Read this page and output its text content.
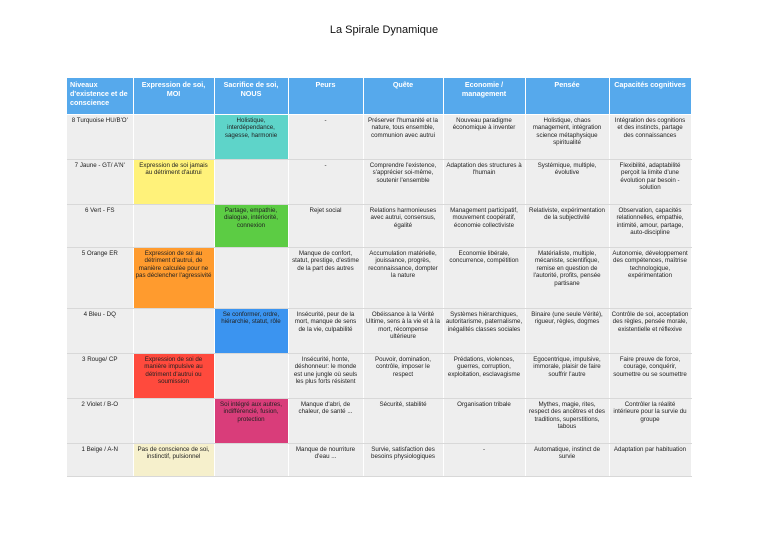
La Spirale Dynamique
Niveaux d'existence et de conscience	Expression de soi, MOI	Sacrifice de soi, NOUS	Peurs	Quête	Economie / management	Pensée	Capacités cognitives
8 Turquoise HU/B'O'		Holistique, interdépendance, sagesse, harmonie	-	Préserver l'humanité et la nature, tous ensemble, communion avec autrui	Nouveau paradigme économique à inventer	Holistique, chaos management, intégration science métaphysique spiritualité	Intégration des cognitions et des instincts, partage des connaissances
7 Jaune - GT/ A'N'	Expression de soi jamais au détriment d'autrui		-	Comprendre l'existence, s'apprécier soi-même, soutenir l'ensemble	Adaptation des structures à l'humain	Systémique, multiple, évolutive	Flexibilité, adaptabilité perçoit la limite d'une évolution par besoin - solution
6 Vert - FS		Partage, empathie, dialogue, intériorité, connexion	Rejet social	Relations harmonieuses avec autrui, consensus, égalité	Management participatif, mouvement coopératif, économie collectiviste	Relativiste, expérimentation de la subjectivité	Observation, capacités relationnelles, empathie, intimité, amour, partage, auto-discipline
5 Orange ER	Expression de soi au détriment d'autrui, de manière calculée pour ne pas déclencher l'agressivité		Manque de confort, statut, prestige, d'estime de la part des autres	Accumulation matérielle, jouissance, progrès, reconnaissance, dompter la nature	Economie libérale, concurrence, compétition	Matérialiste, multiple, mécaniste, scientifique, remise en question de l'autorité, profits, pensée partisane	Autonomie, développement des compétences, maîtrise technologique, expérimentation
4 Bleu - DQ		Se conformer, ordre, hiérarchie, statut, rôle	Insécurité, peur de la mort, manque de sens de la vie, culpabilité	Obéissance à la Vérité Ultime, sens à la vie et à la mort, récompense ultérieure	Systèmes hiérarchiques, autoritarisme, paternalisme, inégalités classes sociales	Binaire (une seule Vérité), rigueur, règles, dogmes	Contrôle de soi, acceptation des règles, pensée morale, existentielle et réflexive
3 Rouge/ CP	Expression de soi de manière impulsive au détriment d'autrui ou soumission		Insécurité, honte, déshonneur: le monde est une jungle où seuls les plus forts résistent	Pouvoir, domination, contrôle, imposer le respect	Prédations, violences, guerres, corruption, exploitation, esclavagisme	Egocentrique, impulsive, immorale, plaisir de faire souffrir l'autre	Faire preuve de force, courage, conquérir, soumettre ou se soumettre
2 Violet / B-O		Soi intégré aux autres, indifférencié, fusion, protection	Manque d'abri, de chaleur, de santé ...	Sécurité, stabilité	Organisation tribale	Mythes, magie, rites, respect des ancêtres et des traditions, superstitions, tabous	Contrôler la réalité intérieure pour la survie du groupe
1 Beige / A-N	Pas de conscience de soi, instinctif, pulsionnel		Manque de nourriture d'eau ...	Survie, satisfaction des besoins physiologiques	-	Automatique, instinct de survie	Adaptation par habituation
